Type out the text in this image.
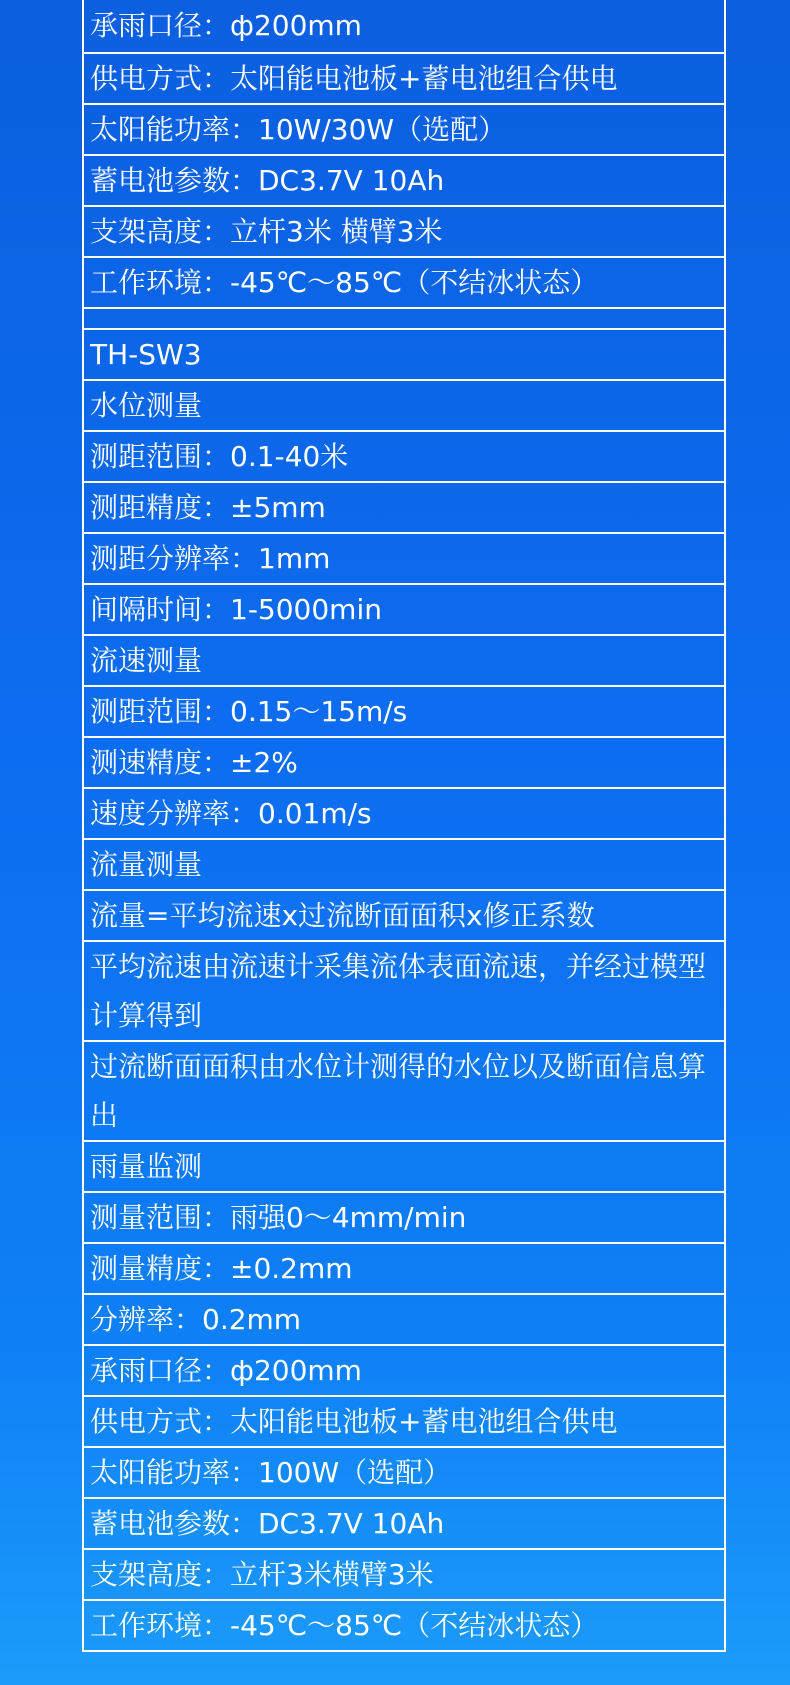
承雨口径：ф200mm
供电方式：太阳能电池板+蓄电池组合供电
太阳能功率：10W/30W（选配）
蓄电池参数：DC3.7V 10Ah
支架高度：立杆3米 横臂3米
工作环境：-45℃～85℃（不结冰状态）
TH-SW3
水位测量
测距范围：0.1-40米
测距精度：±5mm
测距分辨率：1mm
间隔时间：1-5000min
流速测量
测距范围：0.15～15m/s
测速精度：±2%
速度分辨率：0.01m/s
流量测量
流量=平均流速x过流断面面积x修正系数
平均流速由流速计采集流体表面流速，并经过模型计算得到
过流断面面积由水位计测得的水位以及断面信息算出
雨量监测
测量范围：雨强0～4mm/min
测量精度：±0.2mm
分辨率：0.2mm
承雨口径：ф200mm
供电方式：太阳能电池板+蓄电池组合供电
太阳能功率：100W（选配）
蓄电池参数：DC3.7V 10Ah
支架高度：立杆3米横臂3米
工作环境：-45℃～85℃（不结冰状态）
